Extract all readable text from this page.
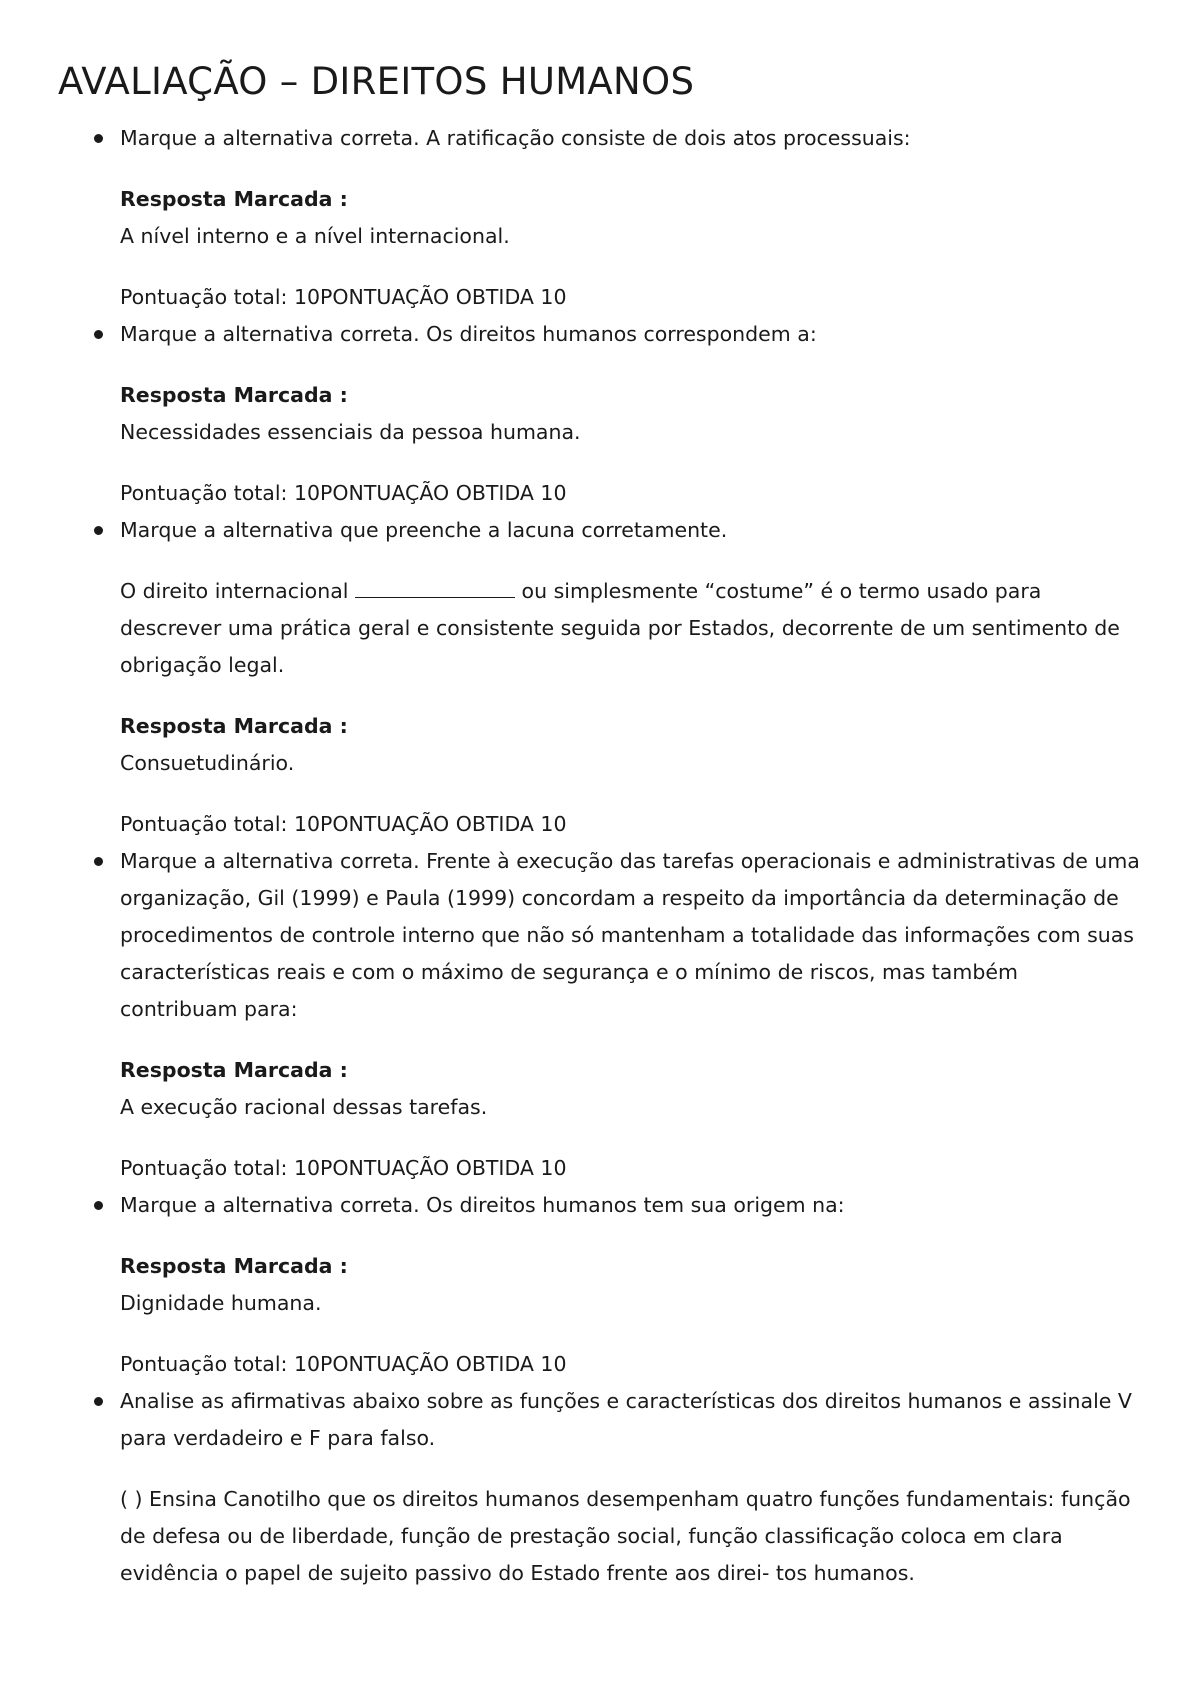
AVALIAÇÃO – DIREITOS HUMANOS

Marque a alternativa correta. A ratificação consiste de dois atos processuais:

Resposta Marcada :

A nível interno e a nível internacional.

Pontuação total: 10PONTUAÇÃO OBTIDA 10

Marque a alternativa correta. Os direitos humanos correspondem a:

Resposta Marcada :

Necessidades essenciais da pessoa humana.

Pontuação total: 10PONTUAÇÃO OBTIDA 10

Marque a alternativa que preenche a lacuna corretamente.

O direito internacional	ou simplesmente “costume” é o termo usado para descrever uma prática geral e consistente seguida por Estados, decorrente de um sentimento de obrigação legal.

Resposta Marcada :

Consuetudinário.

Pontuação total: 10PONTUAÇÃO OBTIDA 10

Marque a alternativa correta. Frente à execução das tarefas operacionais e administrativas de uma organização, Gil (1999) e Paula (1999) concordam a respeito da importância da determinação de procedimentos de controle interno que não só mantenham a totalidade das informações com suas características reais e com o máximo de segurança e o mínimo de riscos, mas também contribuam para:

Resposta Marcada :

A execução racional dessas tarefas.

Pontuação total: 10PONTUAÇÃO OBTIDA 10

Marque a alternativa correta. Os direitos humanos tem sua origem na:

Resposta Marcada :

Dignidade humana.

Pontuação total: 10PONTUAÇÃO OBTIDA 10

Analise as afirmativas abaixo sobre as funções e características dos direitos humanos e assinale V para verdadeiro e F para falso.

( ) Ensina Canotilho que os direitos humanos desempenham quatro funções fundamentais: função de defesa ou de liberdade, função de prestação social, função classificação coloca em clara evidência o papel de sujeito passivo do Estado frente aos direi- tos humanos.
